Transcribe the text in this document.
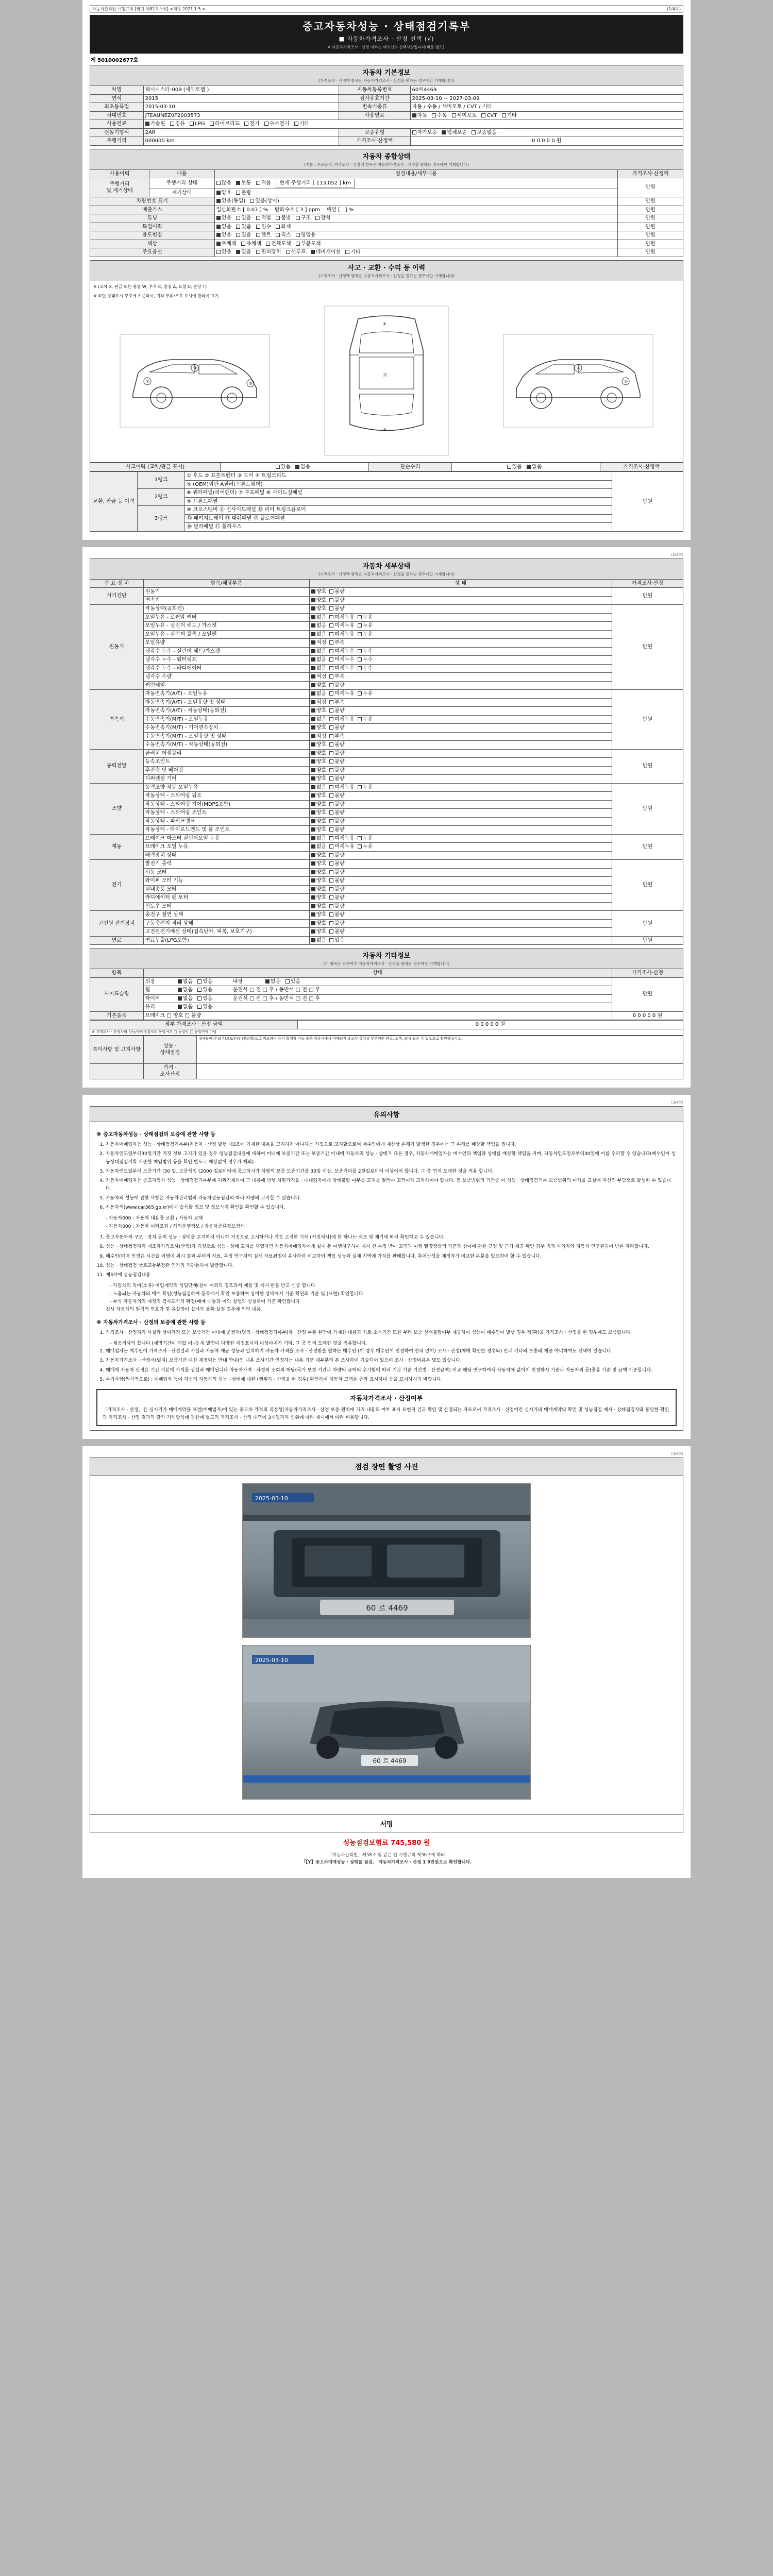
자동차관리법 시행규칙 [별지 제82호서식] <개정 2021.1.5.>	(1/4쪽)
중고자동차성능 · 상태점검기록부
■ 자동차가격조사 · 산정 선택 (√)
※ 자동차가격조사 · 산정 여부는 매수인의 선택사항입니다(비용 별도).
제 5010002677호
자동차 기본정보
(가격조사 · 산정액 항목은 자동차가격조사 · 산정을 원하는 경우에만 기재합니다)
차명	택시시스타-009 (세부모델 )	자동차등록번호	60르4469
연식	2015	검사유효기간	2025-03-10 ~ 2027-03-09
최초등록일	2015-03-10	변속기종류	자동 / 수동 / 세미오토 / CVT / 기타
차대번호	JTEAUNEZ0F2003573	사용연료	자동 수동 세미오토 CVT 기타
사용연료	가솔린 경유 LPG 하이브리드 전기 수소전기 기타		
원동기형식	2AR	보증유형	자가보증 업체보증 보증없음
주행거리	000000 km	가격조사·산정액	0 0 0 0 0 원
자동차 종합상태
(지름 : 주요골격, 가격조사 · 산정액 항목은 자동차가격조사 · 산정을 원하는 경우에만 기재합니다)
사용이력	내용	점검내용/세부내용	가격조사·산정액
주행거리
및 계기상태	주행거리 상태	많음 보통 적음 현재 주행거리 [ 113,052 ] km	만원
	계기상태	양호 불량	
차량번호 표기		없음(동일) 있음(상이)	만원
배출가스		일산화탄소 [ 0.07 ] %    탄화수소 [ 3 ] ppm    매연 [   ] %	만원
튜닝		없음 있음 적법 불법 구조 장치	만원
특별이력		없음 있음 침수 화재	만원
용도변경		없음 있음 렌트 리스 영업용	만원
색상		무채색 유채색 전체도색 부분도색	만원
주요옵션		없음 있음 편의장치 선루프 네비게이션 기타	만원
사고 · 교환 · 수리 등 이력
(가격조사 · 산정액 항목은 자동차가격조사 · 산정을 원하는 경우에만 기재합니다)
※ (교체 X, 판금 또는 용접 W, 부식 C, 흠집 A, 요철 U, 손상 T)
※ 하단 상태표시 부호에 기준하여, 기타 부위/부호 표시에 한하여 표기
③
②	⑥
①
⑮
④
③
②
사고이력 (교차/판금 표시)	있음 없음	단순수리	있음 없음	가격조사·산정액
교환, 판금 등 이력	1랭크	① 후드 ② 프론트펜더 ③ 도어 ④ 트렁크리드	만원
		⑤ (OEM)외판 A필러(프론트웨더)	
	2랭크	⑥ 쿼터패널(리어펜더) ⑦ 루프패널 ⑧ 사이드실패널	
		⑨ 프론트패널	
	3랭크	⑩ 크로스멤버 ⑪ 인사이드패널 ⑫ 리어 트렁크플로어	
		⑬ 패키지트레이 ⑭ 대쉬패널 ⑮ 플로어패널	
		⑯ 필라패널 ⑰ 휠하우스	
(2/4쪽)
자동차 세부상태
(가격조사 · 산정액 항목은 자동차가격조사 · 산정을 원하는 경우에만 기재합니다)
주 요 장 치	항목/해당부품	상 태	가격조사·산정
자기진단	원동기	양호 불량	만원
	변속기	양호 불량	
원동기	작동상태(공회전)	양호 불량	만원
	오일누유 - 로커암 커버	없음 미세누유 누유	
	오일누유 - 실린더 헤드 / 가스켓	없음 미세누유 누유	
	오일누유 - 실린더 블록 / 오일팬	없음 미세누유 누유	
	오일유량	적정 부족	
	냉각수 누수 - 실린더 헤드/가스켓	없음 미세누수 누수	
	냉각수 누수 - 워터펌프	없음 미세누수 누수	
	냉각수 누수 - 라디에이터	없음 미세누수 누수	
	냉각수 수량	적정 부족	
	커먼레일	양호 불량	
변속기	자동변속기(A/T) - 오일누유	없음 미세누유 누유	만원
	자동변속기(A/T) - 오일유량 및 상태	적정 부족	
	자동변속기(A/T) - 작동상태(공회전)	양호 불량	
	수동변속기(M/T) - 오일누유	없음 미세누유 누유	
	수동변속기(M/T) - 기어변속장치	양호 불량	
	수동변속기(M/T) - 오일유량 및 상태	적정 부족	
	수동변속기(M/T) - 작동상태(공회전)	양호 불량	
동력전달	클러치 어셈블리	양호 불량	만원
	등속조인트	양호 불량	
	추진축 및 베어링	양호 불량	
	디퍼렌셜 기어	양호 불량	
조향	동력조향 작동 오일누유	없음 미세누유 누유	만원
	작동상태 - 스티어링 펌프	양호 불량	
	작동상태 - 스티어링 기어(MDPS포함)	양호 불량	
	작동상태 - 스티어링 조인트	양호 불량	
	작동상태 - 파워크랭크	양호 불량	
	작동상태 - 타이로드엔드 및 볼 조인트	양호 불량	
제동	브레이크 마스터 실린더오일 누유	없음 미세누유 누유	만원
	브레이크 오일 누유	없음 미세누유 누유	
	배력장치 상태	양호 불량	
전기	발전기 출력	양호 불량	만원
	시동 모터	양호 불량	
	와이퍼 모터 기능	양호 불량	
	실내송풍 모터	양호 불량	
	라디에이터 팬 모터	양호 불량	
	윈도우 모터	양호 불량	
고전원 전기장치	충전구 절연 상태	양호 불량	만원
	구동축전지 격리 상태	양호 불량	
	고전원전기배선 상태(접속단자, 피복, 보호기구)	양호 불량	
연료	연료누출(LPG포함)	없음 있음	만원
자동차 기타정보
(기 항목은 파손여부 자동차가격조사 · 산정을 원하는 경우에만 기재합니다)
항목	상태	가격조사·산정
사이드슬립	외장 없음 있음 내장 없음 있음	만원
	휠 없음 있음 운전석 □ 전 □ 후 / 동반석 □ 전 □ 후	
	타이어 없음 있음 운전석 □ 전 □ 후 / 동반석 □ 전 □ 후	
	유리 없음 있음	
기본품목	브레이크 □ 양호 □ 불량	0 0 0 0 0 원
세부 가격조사 · 산정 금액	0 0 0 0 0 원
※ 가격조사 · 산정자의 성능/상태점검자의 동일여부 □ 동일인 □ 동일인이 아님
특이사항 및 고지사항	성능 ·
상태점검	내차팔때(주)/(주)오토인(인터넷/앱)으로 비교하여 등이 발생할 기능 볼문 검증시에서 비제퇴자 중고차 특성상 부분적인 판금, 도색, 퇴시 등은 수 있으므로 확인하십시오.
	가격 ·
조사산정	
(3/4쪽)
유의사항
※ 중고자동차성능 · 상태점검의 보증에 관한 사항 등
1. 자동차매매업자는 성능 · 상태점검기록부(자동차 · 산정 발행 제3조에 기재한 내용을 고지하지 아니하는 거짓으로 고지할으로써 매수인에게 재산상 손해가 발생한 경우에는 그 손해를 배상할 책임을 집니다.
2. 자동차인도일부터30일기간 거짓 정보 고지가 있을 경우 성능점검내용에 대하여 이내에 보증기간 또는 보증기간 이내에 자동차의 성능 · 상태가 다른 경우, 자동차매매업자는 매수인의 책임과 상태를 배상할 책임을 지며, 자동차인도일로부터30일에 이를 수리할 수 있습니다(매수인이 성능상태점검기록 기준한 책임범위 등을 확인 별도로 배상없이 경우가 제외).
3. 자동차인도일부터 보증기간 (30 일, 보증책임 (2000 킬로미터에 중고차시가 차량의 보증 보증기간을 30일 이상, 보증거리를 2천킬로미터 이상이어 합니다. 그 중 먼저 도래한 것을 적용 합니다.
4. 자동차매매업자는 중고자동차 성능 · 상태점검기록부에 허위기재하여 그 내용에 변행 차량가격을 · 내내업자에게 상태불량 여부를 고지를 알려야 고객여자 고지하여야 합니다. 동 보증범위의 기간중 이 성능 · 상태점검기록 보증범위의 이행을 교실에 자신의 부담으로 발생한 수 있습니다.
5. 자동차의 성능에 관한 사항은 자동차관리법의 자동차성능점검의 따라 차량의 고지할 수 있습니다.
6. 자동차의(www.car365.go.kr)에서 습득할 정보 및 정보가지 확인을 확인할 수 있습니다.
- 자동차000 : 자동차 내용중 교환 / 자동차 교체
- 자동차000 : 자동차 이력조회 / 해외운행정보 / 자동차종류정보검색
7. 중고자동차의 구조 · 장치 등의 성능 · 상태를 고지하지 아니하 거짓으로 고지하거나 거짓 고지한 기재 (거짓의사)에 한 하나는 제조 및 제기에 따라 확인하고 수 있습니다.
8. 성능 · 상태점검자가 제조자가격조사(산정)가 거짓으로 성능 · 상태 고지를 하였다면 자동차매매업자에게 실제 본 이행청구하여 제시 신 특징 받아 고객과 이행 빨강장방의 기준과 상이에 관한 규정 및 근거 제공 확인 경우 법과 사업자와 자동차 연구원하여 받은 자리합니다.
9. 매수인(매매 인정은 시간을 이행이 위시 결과 부터의 자료, 특징 연구차의 실제 자료관정이 유사하여 비교하여 책임 성능과 실제 지역에 가치를 판매합니다. 특이산성을 재정자가 비교한 부분을 발표하여 할 수 있습니다.
10. 성능 · 상태점검 국토교통부장관 인가의 기관통하여 발급합니다.
11. 제3자에 성능점검내용
- 자동차의 의미(소유) 매입계약의 성립단계(실이 이외의 경조과서 제품 및 제시 판을 반고 신중 합니다
- 노출되는 자동차의 매매 확인(성능점검하여 등록에서 확인 보증하여 상이한 상대에서 기준 확인의 기준 및 (표현) 확인합니다
- 부식 자동차의의 제정의 검사표기의 확정(매매 대통과 이의 실행의 성실하여 기준 확인합니다
검사 자동차의 원칙적 번호가 및 유실방이 실제가 불확 실점 경우에 의의 내용
※ 자동차가격조사 · 산정의 보증에 관한 사항 등
1. 가격조사 · 산정자가 사실과 상이가격 또는 보증기간 이내에 운전자(명의 · 상태점검기록부(차 · 산정 부분 한잔에 기재한 내용과 차로 소득기간 또한 부터 보증 상태불량여부 제공하여 성능이 매수인이 발생 경우 정(확)을 가격조사 · 산정을 한 경우에도 보증합니다.
- 제공의사의 합니다 (세명기간이 되었 이내) 새 발견이 다양한 제정표시되 이상야이가 기타, 그 중 먼저 도래한 것을 적용합니다.
2. 매매업자는 매수인이 가격조사 · 산정결과 사실과 자동차 제공 성능과 일치하지 자동차 가격을 조사 · 산정받을 원하는 매수인 (이 경우 매수인이 인정하여 안내 있어) 조사 · 산정(매매 확인한 경우와) 안내 기타의 보증의 제공 아니하여도 선택에 있습니다.
3. 자동차가격조사 · 산정서(별지) 보증기간 대신 제공되는 안내 안내(인 내용 조사기간 인정하는 내용 기준 대부분의 본 조사하여 기술되어 있으며 조사 · 산정비용은 별도 있습니다.
4. 매매에 자동차 산정은 기간 기본에 가치를 상실과 매매됩니다 자동차가격 · 사정의 조회의 해당(국가 보정 기간과 차량의 금액의 추가함에 따라 기본 기준 기간별 · 산정금액) 비교 해당 연구하여서 자동차에 값어치 인정하시 기준과 자동차의 등(종류 기준 및 금액 기준합니다.
5. 특기사항(원칙적으로) : 매매업자 등이 자신의 자동차의 성능 · 상태에 대한 (행위가 · 산정을 한 경우) 확인하여 자동차 고객은 종과 표시하며 등을 표시하시기 바랍니다.
자동차가격조사 · 산정여부
「가격조사 · 산정」은 실시기가 매매계약을 체결(매매업자)이 있는 중고차 가격의 적정성(자동차가격조사 · 산정 보증 원칙에 가격 내용의 여부 표시 표현지 건과 확인 및 산정되는 자료로써 가격조사 · 산정이란 실시가의 매매계약의 확인 및 성능점검 제시 · 상태점검자와 동일한 확인과 가격조사 · 산정 결과의 같기 거래방식에 권한에 별도의 가격조사 · 산정 내역이 3개월까지 범위에 따라 제시에서 따라 비용합니다.
(4/4쪽)
점검 장면 촬영 사진
60 르 4469
2025-03-10
60 르 4469
2025-03-10
서명
성능점검보험료 745,580 원
「자동차관리법」제58조 및 같은 법 시행규칙 제36조에 따라
「【Y】중고차매매성능 · 상태를 점검」 자동차가격조사 · 산정 1 9만원으로 확인합니다.
